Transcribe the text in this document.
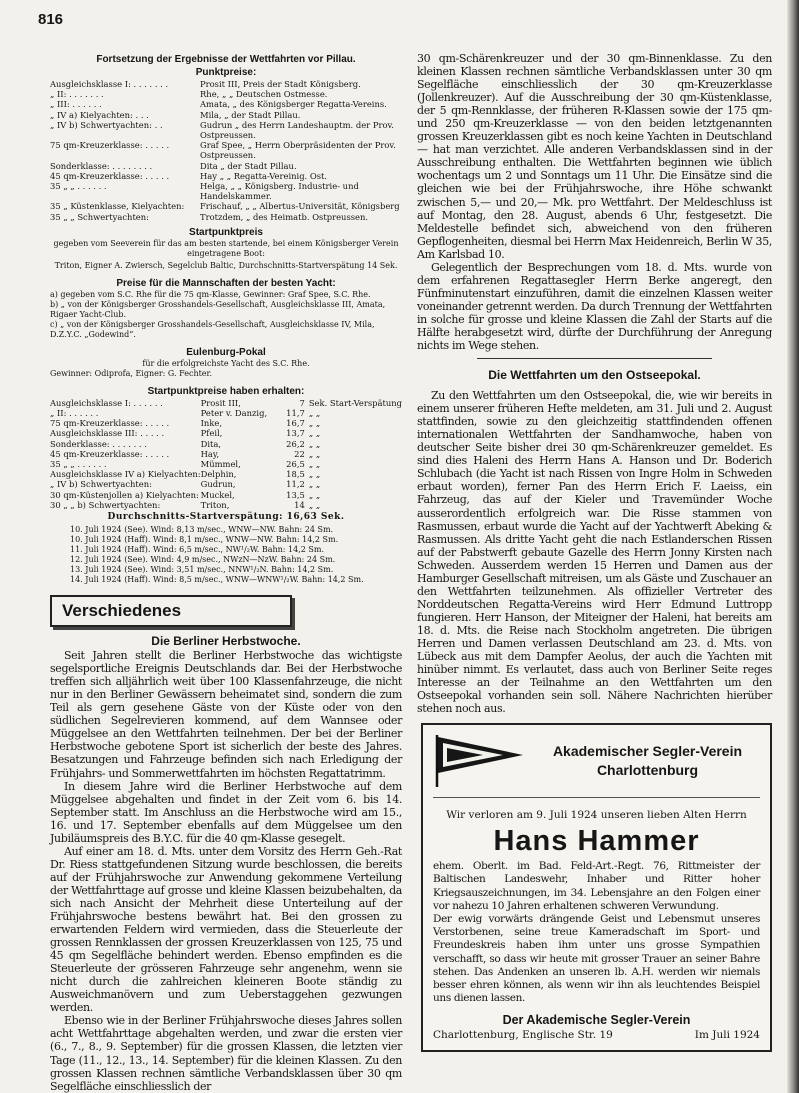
816
Fortsetzung der Ergebnisse der Wettfahrten vor Pillau.
Punktpreise:
Ausgleichsklasse I: . . . . . . .	Prosit III, Preis der Stadt Königsberg.
„ II: . . . . . . .	Rhe, „ „ Deutschen Ostmesse.
„ III: . . . . . .	Amata, „ des Königsberger Regatta-Vereins.
„ IV a) Kielyachten: . . .	Mila, „ der Stadt Pillau.
„ IV b) Schwertyachten: . .	Gudrun „ des Herrn Landeshauptm. der Prov. Ostpreussen.
75 qm-Kreuzerklasse: . . . . .	Graf Spee, „ Herrn Oberpräsidenten der Prov. Ostpreussen.
Sonderklasse: . . . . . . . .	Dita „ der Stadt Pillau.
45 qm-Kreuzerklasse: . . . . .	Hay „ „ Regatta-Vereinig. Ost.
35 „ „ . . . . . .	Helga, „ „ Königsberg. Industrie- und Handelskammer.
35 „ Küstenklasse, Kielyachten:	Frischauf, „ „ Albertus-Universität, Königsberg
35 „ „ Schwertyachten:	Trotzdem, „ des Heimatb. Ostpreussen.
Startpunktpreis
gegeben vom Seeverein für das am besten startende, bei einem Königsberger Verein eingetragene Boot:
Triton, Eigner A. Zwiersch, Segelclub Baltic, Durchschnitts-Startverspätung 14 Sek.
Preise für die Mannschaften der besten Yacht:
a) gegeben vom S.C. Rhe für die 75 qm-Klasse, Gewinner: Graf Spee, S.C. Rhe.
b) „ von der Königsberger Grosshandels-Gesellschaft, Ausgleichsklasse III, Amata, Rigaer Yacht-Club.
c) „ von der Königsberger Grosshandels-Gesellschaft, Ausgleichsklasse IV, Mila, D.Z.Y.C. „Godewind“.
Eulenburg-Pokal
für die erfolgreichste Yacht des S.C. Rhe.
Gewinner: Odiprofa, Eigner: G. Fechter.
Startpunktpreise haben erhalten:
Ausgleichsklasse I: . . . . . .	Prosit III,	7	Sek. Start-Verspätung
„ II: . . . . . .	Peter v. Danzig,	11,7	„ „
75 qm-Kreuzerklasse: . . . . .	Inke,	16,7	„ „
Ausgleichsklasse III: . . . . .	Pfeil,	13,7	„ „
Sonderklasse: . . . . . . .	Dita,	26,2	„ „
45 qm-Kreuzerklasse: . . . . .	Hay,	22	„ „
35 „ „ . . . . . .	Mümmel,	26,5	„ „
Ausgleichsklasse IV a) Kielyachten:	Delphin,	18,5	„ „
„ IV b) Schwertyachten:	Gudrun,	11,2	„ „
30 qm-Küstenjollen a) Kielyachten:	Muckel,	13,5	„ „
30 „ „ b) Schwertyachten:	Triton,	14	„ „
Durchschnitts-Startverspätung: 16,63 Sek.
10. Juli 1924 (See). Wind: 8,13 m/sec., WNW—NW. Bahn: 24 Sm.
10. Juli 1924 (Haff). Wind: 8,1 m/sec., WNW—NW. Bahn: 14,2 Sm.
11. Juli 1924 (Haff). Wind: 6,5 m/sec., NW¹/₂W. Bahn: 14,2 Sm.
12. Juli 1924 (See). Wind: 4,9 m/sec., NWzN—NzW. Bahn: 24 Sm.
13. Juli 1924 (See). Wind: 3,51 m/sec., NNW¹/₂N. Bahn: 14,2 Sm.
14. Juli 1924 (Haff). Wind: 8,5 m/sec., WNW—WNW¹/₂W. Bahn: 14,2 Sm.
Verschiedenes
Die Berliner Herbstwoche.

Seit Jahren stellt die Berliner Herbstwoche das wichtigste segelsportliche Ereignis Deutschlands dar. Bei der Herbstwoche treffen sich alljährlich weit über 100 Klassenfahrzeuge, die nicht nur in den Berliner Gewässern beheimatet sind, sondern die zum Teil als gern gesehene Gäste von der Küste oder von den südlichen Segelrevieren kommend, auf dem Wannsee oder Müggelsee an den Wettfahrten teilnehmen. Der bei der Berliner Herbstwoche gebotene Sport ist sicherlich der beste des Jahres. Besatzungen und Fahrzeuge befinden sich nach Erledigung der Frühjahrs- und Sommerwettfahrten im höchsten Regattatrimm.

In diesem Jahre wird die Berliner Herbstwoche auf dem Müggelsee abgehalten und findet in der Zeit vom 6. bis 14. September statt. Im Anschluss an die Herbstwoche wird am 15., 16. und 17. September ebenfalls auf dem Müggelsee um den Jubiläumspreis des B.Y.C. für die 40 qm-Klasse gesegelt.

Auf einer am 18. d. Mts. unter dem Vorsitz des Herrn Geh.-Rat Dr. Riess stattgefundenen Sitzung wurde beschlossen, die bereits auf der Frühjahrswoche zur Anwendung gekommene Verteilung der Wettfahrttage auf grosse und kleine Klassen beizubehalten, da sich nach Ansicht der Mehrheit diese Unterteilung auf der Frühjahrswoche bestens bewährt hat. Bei den grossen zu erwartenden Feldern wird vermieden, dass die Steuerleute der grossen Rennklassen der grossen Kreuzerklassen von 125, 75 und 45 qm Segelfläche behindert werden. Ebenso empfinden es die Steuerleute der grösseren Fahrzeuge sehr angenehm, wenn sie nicht durch die zahlreichen kleineren Boote ständig zu Ausweichmanövern und zum Ueberstaggehen gezwungen werden.

Ebenso wie in der Berliner Frühjahrswoche dieses Jahres sollen acht Wettfahrttage abgehalten werden, und zwar die ersten vier (6., 7., 8., 9. September) für die grossen Klassen, die letzten vier Tage (11., 12., 13., 14. September) für die kleinen Klassen. Zu den grossen Klassen rechnen sämtliche Verbandsklassen über 30 qm Segelfläche einschliesslich der

30 qm-Schärenkreuzer und der 30 qm-Binnenklasse. Zu den kleinen Klassen rechnen sämtliche Verbandsklassen unter 30 qm Segelfläche einschliesslich der 30 qm-Kreuzerklasse (Jollenkreuzer). Auf die Ausschreibung der 30 qm-Küstenklasse, der 5 qm-Rennklasse, der früheren R-Klassen sowie der 175 qm- und 250 qm-Kreuzerklasse — von den beiden letztgenannten grossen Kreuzerklassen gibt es noch keine Yachten in Deutschland — hat man verzichtet. Alle anderen Verbandsklassen sind in der Ausschreibung enthalten. Die Wettfahrten beginnen wie üblich wochentags um 2 und Sonntags um 11 Uhr. Die Einsätze sind die gleichen wie bei der Frühjahrswoche, ihre Höhe schwankt zwischen 5,— und 20,— Mk. pro Wettfahrt. Der Meldeschluss ist auf Montag, den 28. August, abends 6 Uhr, festgesetzt. Die Meldestelle befindet sich, abweichend von den früheren Gepflogenheiten, diesmal bei Herrn Max Heidenreich, Berlin W 35, Am Karlsbad 10.

Gelegentlich der Besprechungen vom 18. d. Mts. wurde von dem erfahrenen Regattasegler Herrn Berke angeregt, den Fünfminutenstart einzuführen, damit die einzelnen Klassen weiter voneinander getrennt werden. Da durch Trennung der Wettfahrten in solche für grosse und kleine Klassen die Zahl der Starts auf die Hälfte herabgesetzt wird, dürfte der Durchführung der Anregung nichts im Wege stehen.

Die Wettfahrten um den Ostseepokal.

Zu den Wettfahrten um den Ostseepokal, die, wie wir bereits in einem unserer früheren Hefte meldeten, am 31. Juli und 2. August stattfinden, sowie zu den gleichzeitig stattfindenden offenen internationalen Wettfahrten der Sandhamwoche, haben von deutscher Seite bisher drei 30 qm-Schärenkreuzer gemeldet. Es sind dies Haleni des Herrn Hans A. Hanson und Dr. Boderich Schlubach (die Yacht ist nach Rissen von Ingre Holm in Schweden erbaut worden), ferner Pan des Herrn Erich F. Laeiss, ein Fahrzeug, das auf der Kieler und Travemünder Woche ausserordentlich erfolgreich war. Die Risse stammen von Rasmussen, erbaut wurde die Yacht auf der Yachtwerft Abeking & Rasmussen. Als dritte Yacht geht die nach Estlanderschen Rissen auf der Pabstwerft gebaute Gazelle des Herrn Jonny Kirsten nach Schweden. Ausserdem werden 15 Herren und Damen aus der Hamburger Gesellschaft mitreisen, um als Gäste und Zuschauer an den Wettfahrten teilzunehmen. Als offizieller Vertreter des Norddeutschen Regatta-Vereins wird Herr Edmund Luttropp fungieren. Herr Hanson, der Miteigner der Haleni, hat bereits am 18. d. Mts. die Reise nach Stockholm angetreten. Die übrigen Herren und Damen verlassen Deutschland am 23. d. Mts. von Lübeck aus mit dem Dampfer Aeolus, der auch die Yachten mit hinüber nimmt. Es verlautet, dass auch von Berliner Seite reges Interesse an der Teilnahme an den Wettfahrten um den Ostseepokal vorhanden sein soll. Nähere Nachrichten hierüber stehen noch aus.

Akademischer Segler-Verein
Charlottenburg
Wir verloren am 9. Juli 1924 unseren lieben Alten Herrn
Hans Hammer

ehem. Oberlt. im Bad. Feld-Art.-Regt. 76, Rittmeister der Baltischen Landeswehr, Inhaber und Ritter hoher Kriegsauszeichnungen, im 34. Lebensjahre an den Folgen einer vor nahezu 10 Jahren erhaltenen schweren Verwundung.

Der ewig vorwärts drängende Geist und Lebensmut unseres Verstorbenen, seine treue Kameradschaft im Sport- und Freundeskreis haben ihm unter uns grosse Sympathien verschafft, so dass wir heute mit grosser Trauer an seiner Bahre stehen. Das Andenken an unseren lb. A.H. werden wir niemals besser ehren können, als wenn wir ihn als leuchtendes Beispiel uns dienen lassen.

Der Akademische Segler-Verein
Charlottenburg, Englische Str. 19	Im Juli 1924
